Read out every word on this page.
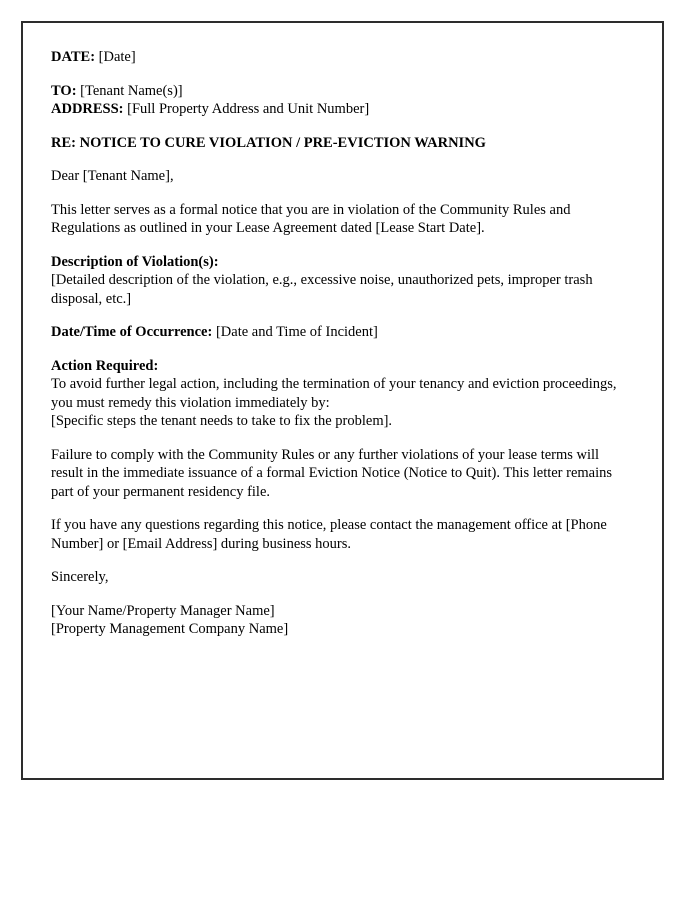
DATE: [Date]

TO: [Tenant Name(s)]
ADDRESS: [Full Property Address and Unit Number]

RE: NOTICE TO CURE VIOLATION / PRE-EVICTION WARNING

Dear [Tenant Name],

This letter serves as a formal notice that you are in violation of the Community Rules and Regulations as outlined in your Lease Agreement dated [Lease Start Date].

Description of Violation(s):
[Detailed description of the violation, e.g., excessive noise, unauthorized pets, improper trash disposal, etc.]

Date/Time of Occurrence: [Date and Time of Incident]

Action Required:
To avoid further legal action, including the termination of your tenancy and eviction proceedings, you must remedy this violation immediately by:
[Specific steps the tenant needs to take to fix the problem].

Failure to comply with the Community Rules or any further violations of your lease terms will result in the immediate issuance of a formal Eviction Notice (Notice to Quit). This letter remains part of your permanent residency file.

If you have any questions regarding this notice, please contact the management office at [Phone Number] or [Email Address] during business hours.

Sincerely,

[Your Name/Property Manager Name]
[Property Management Company Name]
